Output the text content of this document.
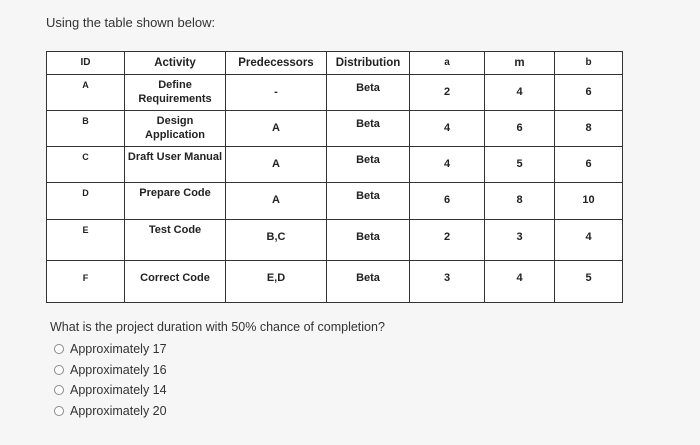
Using the table shown below:
ID	Activity	Predecessors	Distribution	a	m	b
A	Define Requirements	-	Beta	2	4	6
B	Design Application	A	Beta	4	6	8
C	Draft User Manual	A	Beta	4	5	6
D	Prepare Code	A	Beta	6	8	10
E	Test Code	B,C	Beta	2	3	4
F	Correct Code	E,D	Beta	3	4	5
What is the project duration with 50% chance of completion?
Approximately 17
Approximately 16
Approximately 14
Approximately 20
